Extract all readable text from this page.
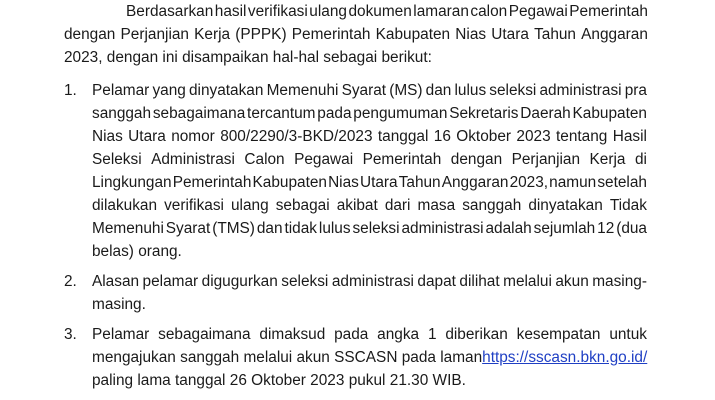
Berdasarkan hasil verifikasi ulang dokumen lamaran calon Pegawai Pemerintah
dengan Perjanjian Kerja (PPPK) Pemerintah Kabupaten Nias Utara Tahun Anggaran
2023, dengan ini disampaikan hal-hal sebagai berikut:
1. Pelamar yang dinyatakan Memenuhi Syarat (MS) dan lulus seleksi administrasi pra
sanggah sebagaimana tercantum pada pengumuman Sekretaris Daerah Kabupaten
Nias Utara nomor 800/2290/3-BKD/2023 tanggal 16 Oktober 2023 tentang Hasil
Seleksi Administrasi Calon Pegawai Pemerintah dengan Perjanjian Kerja di
Lingkungan Pemerintah Kabupaten Nias Utara Tahun Anggaran 2023, namun setelah
dilakukan verifikasi ulang sebagai akibat dari masa sanggah dinyatakan Tidak
Memenuhi Syarat (TMS) dan tidak lulus seleksi administrasi adalah sejumlah 12 (dua
belas) orang.
2. Alasan pelamar digugurkan seleksi administrasi dapat dilihat melalui akun masing-
masing.
3. Pelamar sebagaimana dimaksud pada angka 1 diberikan kesempatan untuk
mengajukan sanggah melalui akun SSCASN pada laman https://sscasn.bkn.go.id/
paling lama tanggal 26 Oktober 2023 pukul 21.30 WIB.
